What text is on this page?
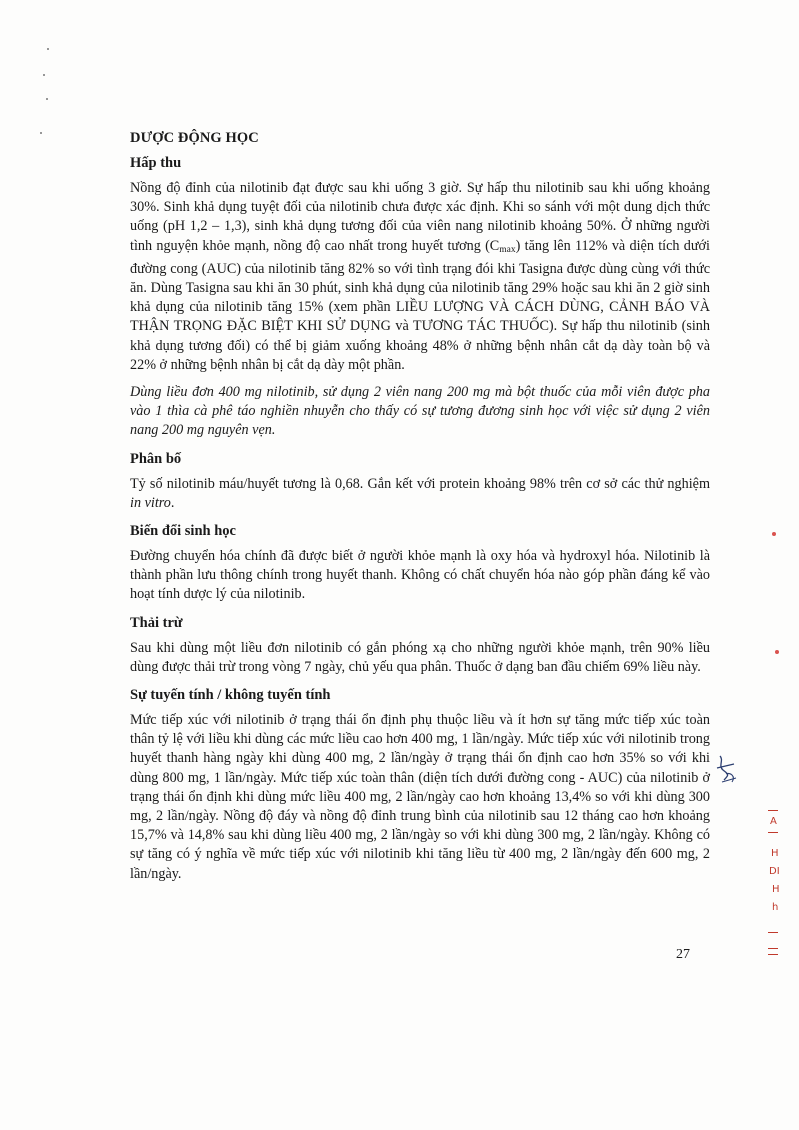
DƯỢC ĐỘNG HỌC
Hấp thu

Nồng độ đỉnh của nilotinib đạt được sau khi uống 3 giờ. Sự hấp thu nilotinib sau khi uống khoảng 30%. Sinh khả dụng tuyệt đối của nilotinib chưa được xác định. Khi so sánh với một dung dịch thức uống (pH 1,2 – 1,3), sinh khả dụng tương đối của viên nang nilotinib khoảng 50%. Ở những người tình nguyện khỏe mạnh, nồng độ cao nhất trong huyết tương $(C_{max})$ tăng lên 112% và diện tích dưới đường cong (AUC) của nilotinib tăng 82% so với tình trạng đói khi Tasigna được dùng cùng với thức ăn. Dùng Tasigna sau khi ăn 30 phút, sinh khả dụng của nilotinib tăng 29% hoặc sau khi ăn 2 giờ sinh khả dụng của nilotinib tăng 15% (xem phần LIỀU LƯỢNG VÀ CÁCH DÙNG, CẢNH BÁO VÀ THẬN TRỌNG ĐẶC BIỆT KHI SỬ DỤNG và TƯƠNG TÁC THUỐC). Sự hấp thu nilotinib (sinh khả dụng tương đối) có thể bị giảm xuống khoảng 48% ở những bệnh nhân cắt dạ dày toàn bộ và 22% ở những bệnh nhân bị cắt dạ dày một phần.

Dùng liều đơn 400 mg nilotinib, sử dụng 2 viên nang 200 mg mà bột thuốc của mỗi viên được pha vào 1 thìa cà phê táo nghiền nhuyễn cho thấy có sự tương đương sinh học với việc sử dụng 2 viên nang 200 mg nguyên vẹn.

Phân bố

Tỷ số nilotinib máu/huyết tương là 0,68. Gắn kết với protein khoảng 98% trên cơ sở các thử nghiệm in vitro.

Biến đổi sinh học

Đường chuyển hóa chính đã được biết ở người khỏe mạnh là oxy hóa và hydroxyl hóa. Nilotinib là thành phần lưu thông chính trong huyết thanh. Không có chất chuyển hóa nào góp phần đáng kể vào hoạt tính dược lý của nilotinib.

Thải trừ

Sau khi dùng một liều đơn nilotinib có gắn phóng xạ cho những người khỏe mạnh, trên 90% liều dùng được thải trừ trong vòng 7 ngày, chủ yếu qua phân. Thuốc ở dạng ban đầu chiếm 69% liều này.

Sự tuyến tính / không tuyến tính

Mức tiếp xúc với nilotinib ở trạng thái ổn định phụ thuộc liều và ít hơn sự tăng mức tiếp xúc toàn thân tỷ lệ với liều khi dùng các mức liều cao hơn 400 mg, 1 lần/ngày. Mức tiếp xúc với nilotinib trong huyết thanh hàng ngày khi dùng 400 mg, 2 lần/ngày ở trạng thái ổn định cao hơn 35% so với khi dùng 800 mg, 1 lần/ngày. Mức tiếp xúc toàn thân (diện tích dưới đường cong - AUC) của nilotinib ở trạng thái ổn định khi dùng mức liều 400 mg, 2 lần/ngày cao hơn khoảng 13,4% so với khi dùng 300 mg, 2 lần/ngày. Nồng độ đáy và nồng độ đỉnh trung bình của nilotinib sau 12 tháng cao hơn khoảng 15,7% và 14,8% sau khi dùng liều 400 mg, 2 lần/ngày so với khi dùng 300 mg, 2 lần/ngày. Không có sự tăng có ý nghĩa về mức tiếp xúc với nilotinib khi tăng liều từ 400 mg, 2 lần/ngày đến 600 mg, 2 lần/ngày.

27
A
H
DI
H
h
